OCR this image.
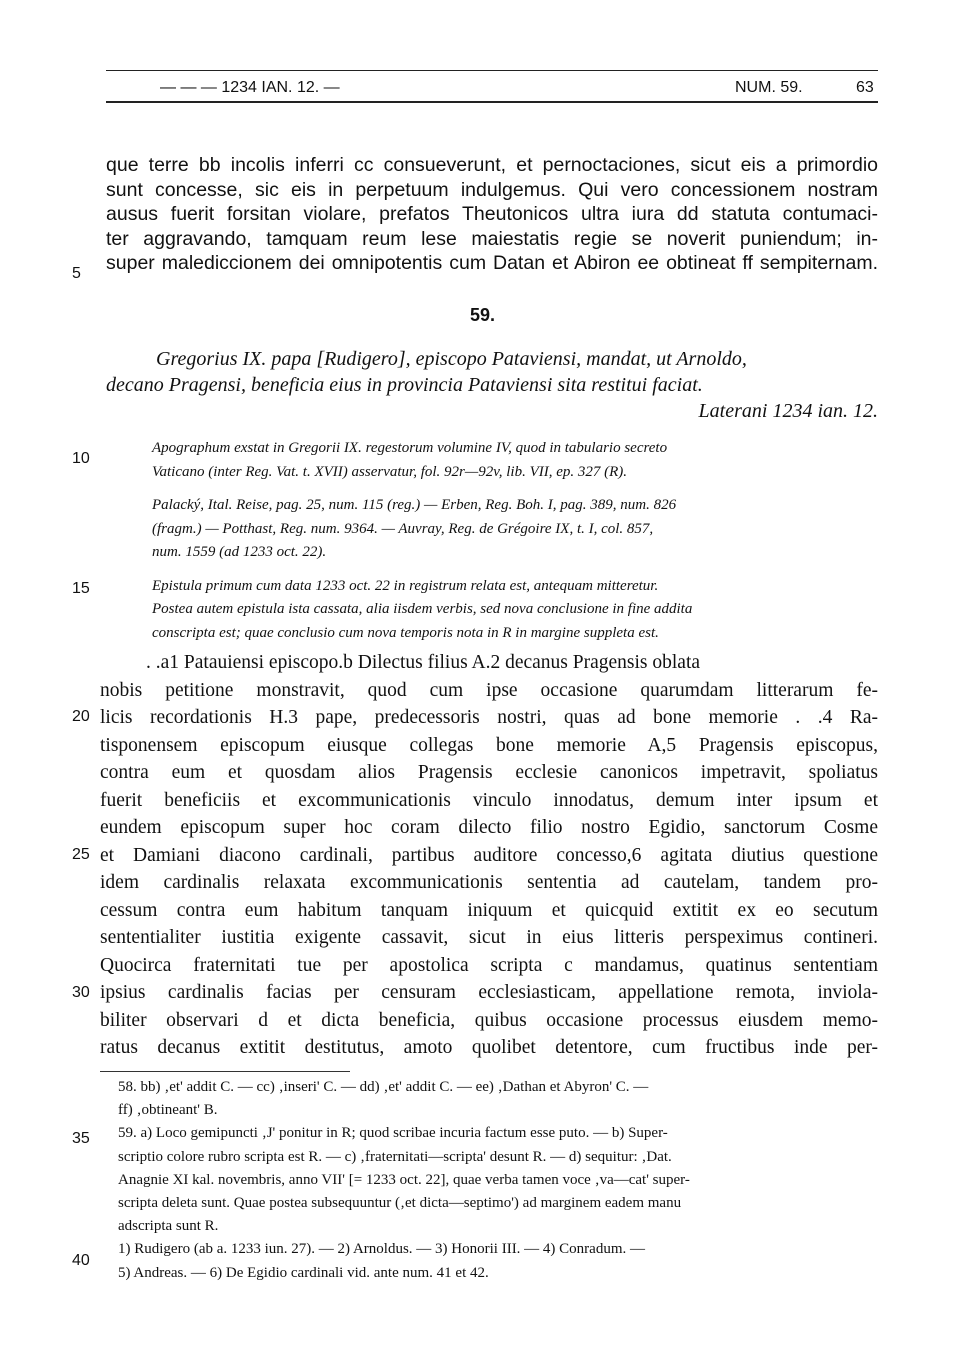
— — — 1234 IAN. 12. —	NUM. 59.	63
que terre bb incolis inferri cc consueverunt, et pernoctaciones, sicut eis a primordio
sunt concesse, sic eis in perpetuum indulgemus. Qui vero concessionem nostram
ausus fuerit forsitan violare, prefatos Theutonicos ultra iura dd statuta contumaci-
ter aggravando, tamquam reum lese maiestatis regie se noverit puniendum; in-
super malediccionem dei omnipotentis cum Datan et Abiron ee obtineat ff sempiternam.
5
59.
Gregorius IX. papa [Rudigero], episcopo Pataviensi, mandat, ut Arnoldo,
decano Pragensi, beneficia eius in provincia Pataviensi sita restitui faciat.
Laterani 1234 ian. 12.
10
Apographum exstat in Gregorii IX. regestorum volumine IV, quod in tabulario secreto
Vaticano (inter Reg. Vat. t. XVII) asservatur, fol. 92r—92v, lib. VII, ep. 327 (R).
Palacký, Ital. Reise, pag. 25, num. 115 (reg.) — Erben, Reg. Boh. I, pag. 389, num. 826
(fragm.) — Potthast, Reg. num. 9364. — Auvray, Reg. de Grégoire IX, t. I, col. 857,
num. 1559 (ad 1233 oct. 22).
Epistula primum cum data 1233 oct. 22 in registrum relata est, antequam mitteretur.
Postea autem epistula ista cassata, alia iisdem verbis, sed nova conclusione in fine addita
conscripta est; quae conclusio cum nova temporis nota in R in margine suppleta est.
15
. .a1 Patauiensi episcopo.b Dilectus filius A.2 decanus Pragensis oblata
nobis petitione monstravit, quod cum ipse occasione quarumdam litterarum fe-
licis recordationis H.3 pape, predecessoris nostri, quas ad bone memorie . .4 Ra-
tisponensem episcopum eiusque collegas bone memorie A,5 Pragensis episcopus,
contra eum et quosdam alios Pragensis ecclesie canonicos impetravit, spoliatus
fuerit beneficiis et excommunicationis vinculo innodatus, demum inter ipsum et
eundem episcopum super hoc coram dilecto filio nostro Egidio, sanctorum Cosme
et Damiani diacono cardinali, partibus auditore concesso,6 agitata diutius questione
idem cardinalis relaxata excommunicationis sententia ad cautelam, tandem pro-
cessum contra eum habitum tanquam iniquum et quicquid extitit ex eo secutum
sententialiter iustitia exigente cassavit, sicut in eius litteris perspeximus contineri.
Quocirca fraternitati tue per apostolica scripta c mandamus, quatinus sententiam
ipsius cardinalis facias per censuram ecclesiasticam, appellatione remota, inviola-
biliter observari d et dicta beneficia, quibus occasione processus eiusdem memo-
ratus decanus extitit destitutus, amoto quolibet detentore, cum fructibus inde per-
20
25
30
58. bb) ‚et' addit C. — cc) ‚inseri' C. — dd) ‚et' addit C. — ee) ‚Dathan et Abyron' C. —
ff) ‚obtineant' B.
59. a) Loco gemipuncti ‚J' ponitur in R; quod scribae incuria factum esse puto. — b) Super-
scriptio colore rubro scripta est R. — c) ‚fraternitati—scripta' desunt R. — d) sequitur: ‚Dat.
Anagnie XI kal. novembris, anno VII' [= 1233 oct. 22], quae verba tamen voce ‚va—cat' super-
scripta deleta sunt. Quae postea subsequuntur (‚et dicta—septimo') ad marginem eadem manu
adscripta sunt R.
1) Rudigero (ab a. 1233 iun. 27). — 2) Arnoldus. — 3) Honorii III. — 4) Conradum. —
5) Andreas. — 6) De Egidio cardinali vid. ante num. 41 et 42.
35
40
